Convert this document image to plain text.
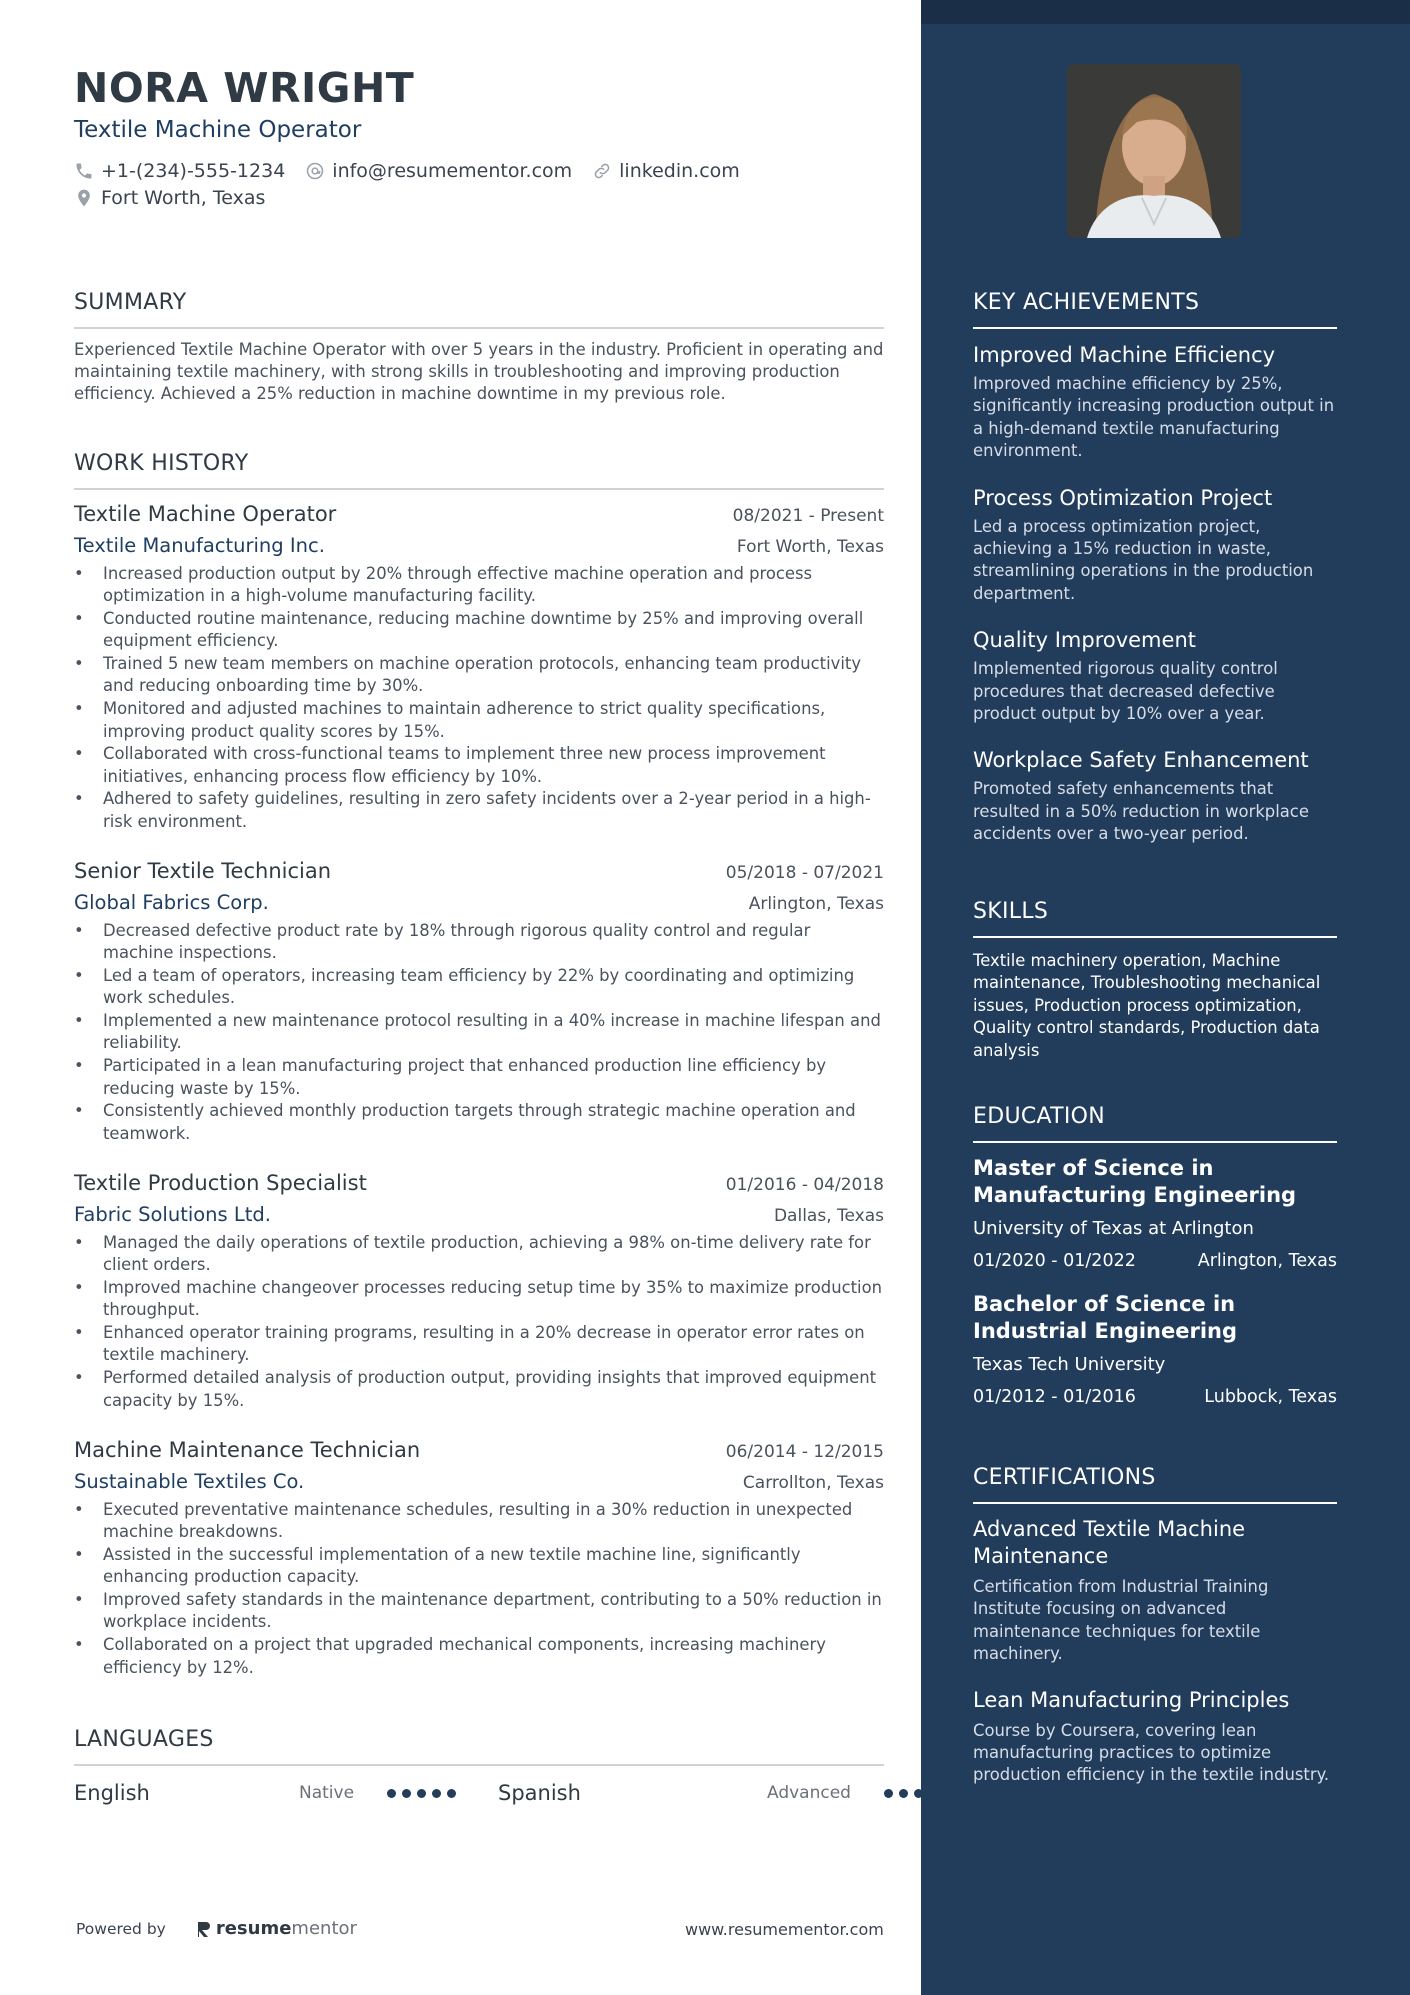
NORA WRIGHT
Textile Machine Operator
+1-(234)-555-1234 info@resumementor.com linkedin.com
Fort Worth, Texas
SUMMARY
Experienced Textile Machine Operator with over 5 years in the industry. Proficient in operating and maintaining textile machinery, with strong skills in troubleshooting and improving production efficiency. Achieved a 25% reduction in machine downtime in my previous role.
WORK HISTORY
Textile Machine Operator	08/2021 - Present
Textile Manufacturing Inc.	Fort Worth, Texas
• Increased production output by 20% through effective machine operation and process optimization in a high-volume manufacturing facility.
• Conducted routine maintenance, reducing machine downtime by 25% and improving overall equipment efficiency.
• Trained 5 new team members on machine operation protocols, enhancing team productivity and reducing onboarding time by 30%.
• Monitored and adjusted machines to maintain adherence to strict quality specifications, improving product quality scores by 15%.
• Collaborated with cross-functional teams to implement three new process improvement initiatives, enhancing process flow efficiency by 10%.
• Adhered to safety guidelines, resulting in zero safety incidents over a 2-year period in a high-risk environment.
Senior Textile Technician	05/2018 - 07/2021
Global Fabrics Corp.	Arlington, Texas
• Decreased defective product rate by 18% through rigorous quality control and regular machine inspections.
• Led a team of operators, increasing team efficiency by 22% by coordinating and optimizing work schedules.
• Implemented a new maintenance protocol resulting in a 40% increase in machine lifespan and reliability.
• Participated in a lean manufacturing project that enhanced production line efficiency by reducing waste by 15%.
• Consistently achieved monthly production targets through strategic machine operation and teamwork.
Textile Production Specialist	01/2016 - 04/2018
Fabric Solutions Ltd.	Dallas, Texas
• Managed the daily operations of textile production, achieving a 98% on-time delivery rate for client orders.
• Improved machine changeover processes reducing setup time by 35% to maximize production throughput.
• Enhanced operator training programs, resulting in a 20% decrease in operator error rates on textile machinery.
• Performed detailed analysis of production output, providing insights that improved equipment capacity by 15%.
Machine Maintenance Technician	06/2014 - 12/2015
Sustainable Textiles Co.	Carrollton, Texas
• Executed preventative maintenance schedules, resulting in a 30% reduction in unexpected machine breakdowns.
• Assisted in the successful implementation of a new textile machine line, significantly enhancing production capacity.
• Improved safety standards in the maintenance department, contributing to a 50% reduction in workplace incidents.
• Collaborated on a project that upgraded mechanical components, increasing machinery efficiency by 12%.
LANGUAGES
English	Native	Spanish	Advanced
Powered by	resume mentor	www.resumementor.com
KEY ACHIEVEMENTS
Improved Machine Efficiency
Improved machine efficiency by 25%, significantly increasing production output in a high-demand textile manufacturing environment.
Process Optimization Project
Led a process optimization project, achieving a 15% reduction in waste, streamlining operations in the production department.
Quality Improvement
Implemented rigorous quality control procedures that decreased defective product output by 10% over a year.
Workplace Safety Enhancement
Promoted safety enhancements that resulted in a 50% reduction in workplace accidents over a two-year period.
SKILLS
Textile machinery operation, Machine maintenance, Troubleshooting mechanical issues, Production process optimization, Quality control standards, Production data analysis
EDUCATION
Master of Science in Manufacturing Engineering
University of Texas at Arlington
01/2020 - 01/2022	Arlington, Texas
Bachelor of Science in Industrial Engineering
Texas Tech University
01/2012 - 01/2016	Lubbock, Texas
CERTIFICATIONS
Advanced Textile Machine Maintenance
Certification from Industrial Training Institute focusing on advanced maintenance techniques for textile machinery.
Lean Manufacturing Principles
Course by Coursera, covering lean manufacturing practices to optimize production efficiency in the textile industry.
